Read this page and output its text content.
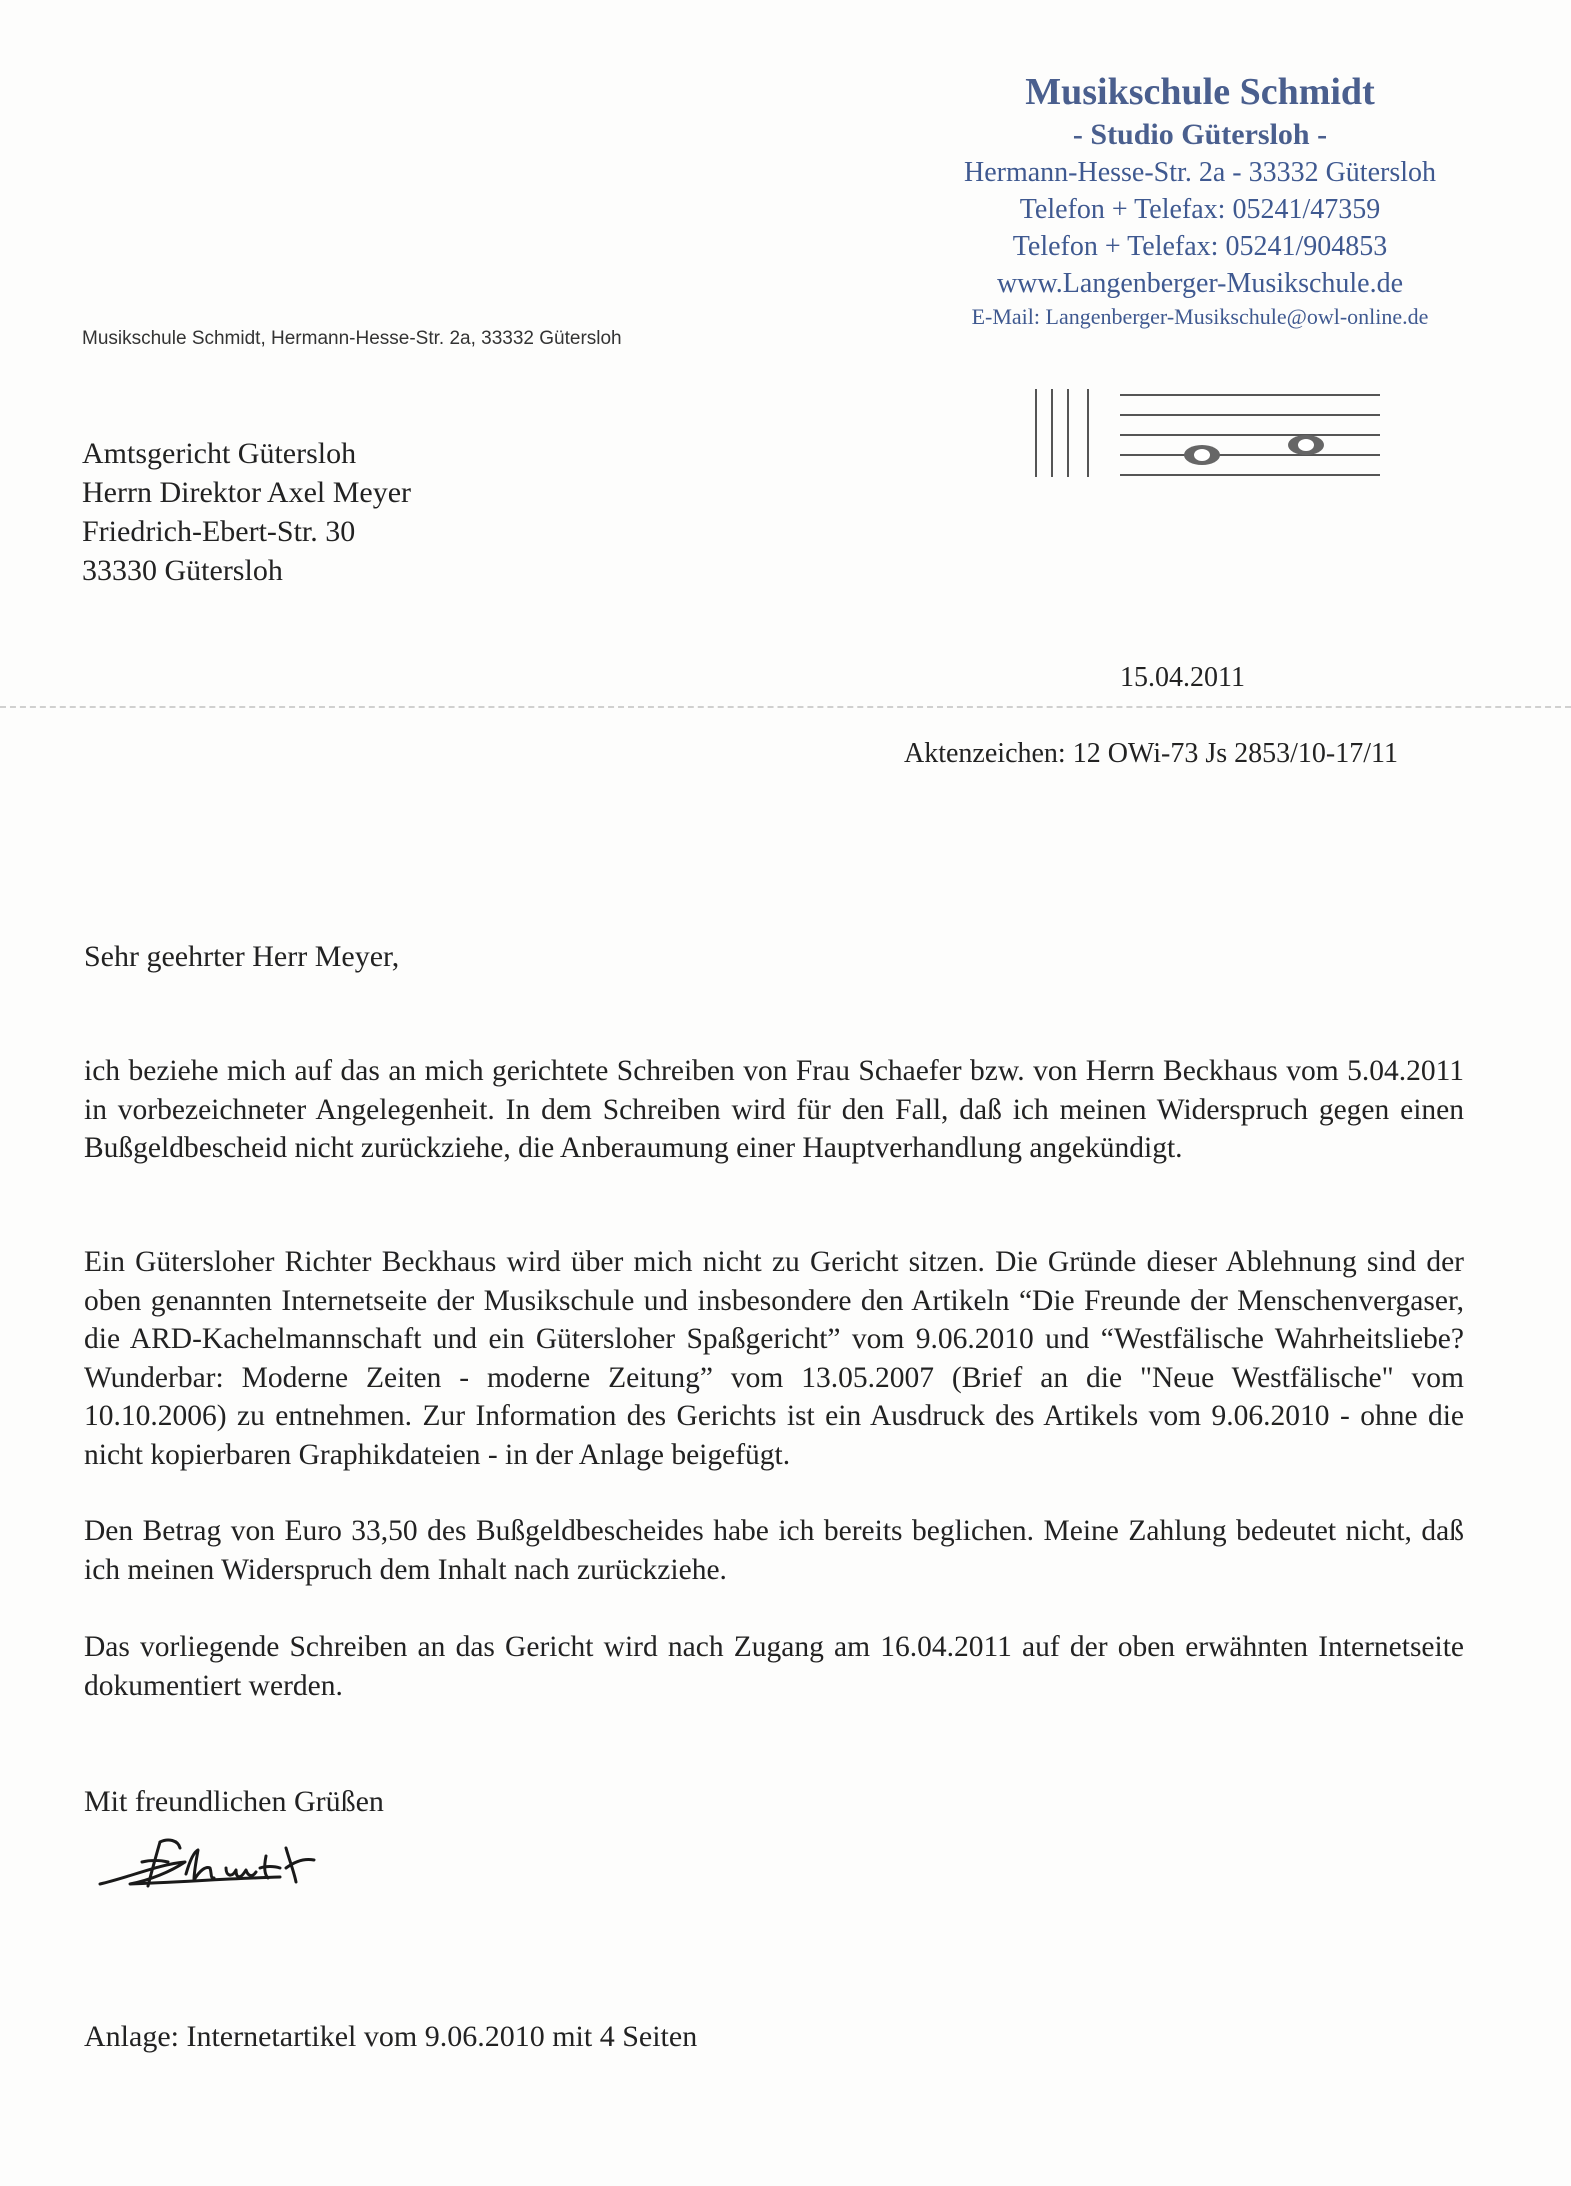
Musikschule Schmidt
- Studio Gütersloh -
Hermann-Hesse-Str. 2a - 33332 Gütersloh
Telefon + Telefax: 05241/47359
Telefon + Telefax: 05241/904853
www.Langenberger-Musikschule.de
E-Mail: Langenberger-Musikschule@owl-online.de
Musikschule Schmidt, Hermann-Hesse-Str. 2a, 33332 Gütersloh
Amtsgericht Gütersloh
Herrn Direktor Axel Meyer
Friedrich-Ebert-Str. 30
33330 Gütersloh
15.04.2011
Aktenzeichen: 12 OWi-73 Js 2853/10-17/11
Sehr geehrter Herr Meyer,
ich beziehe mich auf das an mich gerichtete Schreiben von Frau Schaefer bzw. von Herrn Beckhaus vom 5.04.2011 in vorbezeichneter Angelegenheit. In dem Schreiben wird für den Fall, daß ich meinen Widerspruch gegen einen Bußgeldbescheid nicht zurückziehe, die Anberaumung einer Hauptverhandlung angekündigt.
Ein Gütersloher Richter Beckhaus wird über mich nicht zu Gericht sitzen. Die Gründe dieser Ablehnung sind der oben genannten Internetseite der Musikschule und insbesondere den Artikeln “Die Freunde der Menschenvergaser, die ARD-Kachelmannschaft und ein Gütersloher Spaßgericht” vom 9.06.2010 und “Westfälische Wahrheitsliebe? Wunderbar: Moderne Zeiten - moderne Zeitung” vom 13.05.2007 (Brief an die "Neue Westfälische" vom 10.10.2006) zu entnehmen. Zur Information des Gerichts ist ein Ausdruck des Artikels vom 9.06.2010 - ohne die nicht kopierbaren Graphikdateien - in der Anlage beigefügt.
Den Betrag von Euro 33,50 des Bußgeldbescheides habe ich bereits beglichen. Meine Zahlung bedeutet nicht, daß ich meinen Widerspruch dem Inhalt nach zurückziehe.
Das vorliegende Schreiben an das Gericht wird nach Zugang am 16.04.2011 auf der oben erwähnten Internetseite dokumentiert werden.
Mit freundlichen Grüßen
Anlage: Internetartikel vom 9.06.2010 mit 4 Seiten
